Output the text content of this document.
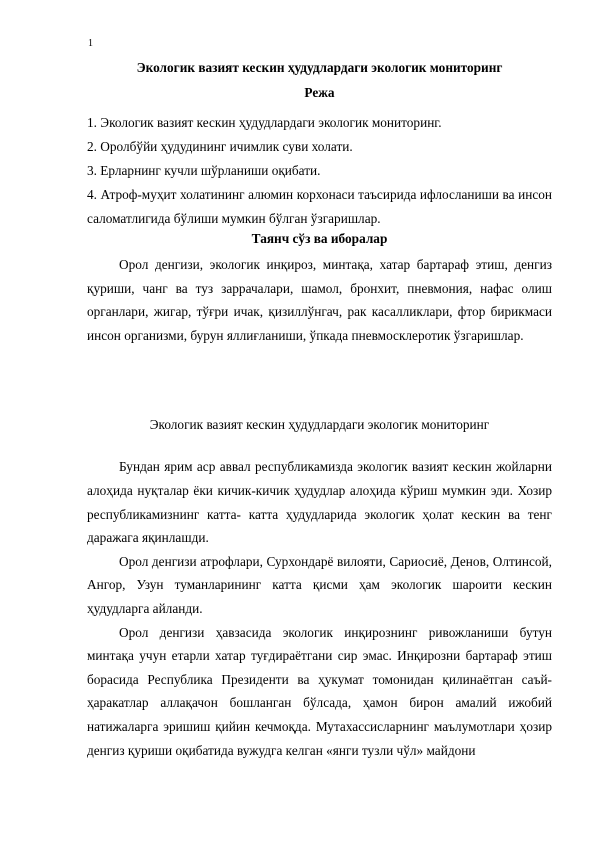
1

Экологик вазият кескин ҳудудлардаги экологик мониторинг

Режа

1. Экологик вазият кескин ҳудудлардаги экологик мониторинг.

2. Оролбўйи ҳудудининг ичимлик суви холати.

3. Ерларнинг кучли шўрланиши оқибати.

4. Атроф-муҳит холатининг алюмин корхонаси таъсирида ифлосланиши ва инсон саломатлигида бўлиши мумкин бўлган ўзгаришлар.

Таянч сўз ва иборалар

Орол денгизи, экологик инқироз, минтақа, хатар бартараф этиш, денгиз қуриши, чанг ва туз заррачалари, шамол, бронхит, пневмония, нафас олиш органлари, жигар, тўғри ичак, қизиллўнгач, рак касалликлари, фтор бирикмаси инсон организми, бурун яллиғланиши, ўпкада пневмосклеротик ўзгаришлар.

Экологик вазият кескин ҳудудлардаги экологик мониторинг

Бундан ярим аср аввал республикамизда экологик вазият кескин жойларни алоҳида нуқталар ёки кичик-кичик ҳудудлар алоҳида кўриш мумкин эди. Хозир республикамизнинг катта- катта ҳудудларида экологик ҳолат кескин ва тенг даражага яқинлашди.

Орол денгизи атрофлари, Сурхондарё вилояти, Сариосиё, Денов, Олтинсой, Ангор, Узун туманларининг катта қисми ҳам экологик шароити кескин ҳудудларга айланди.

Орол денгизи ҳавзасида экологик инқирознинг ривожланиши бутун минтақа учун етарли хатар туғдираётгани сир эмас. Инқирозни бартараф этиш борасида Республика Президенти ва ҳукумат томонидан қилинаётган саъй-ҳаракатлар аллақачон бошланган бўлсада, ҳамон бирон амалий ижобий натижаларга эришиш қийин кечмоқда. Мутахассисларнинг маълумотлари ҳозир денгиз қуриши оқибатида вужудга келган «янги тузли чўл» майдони
